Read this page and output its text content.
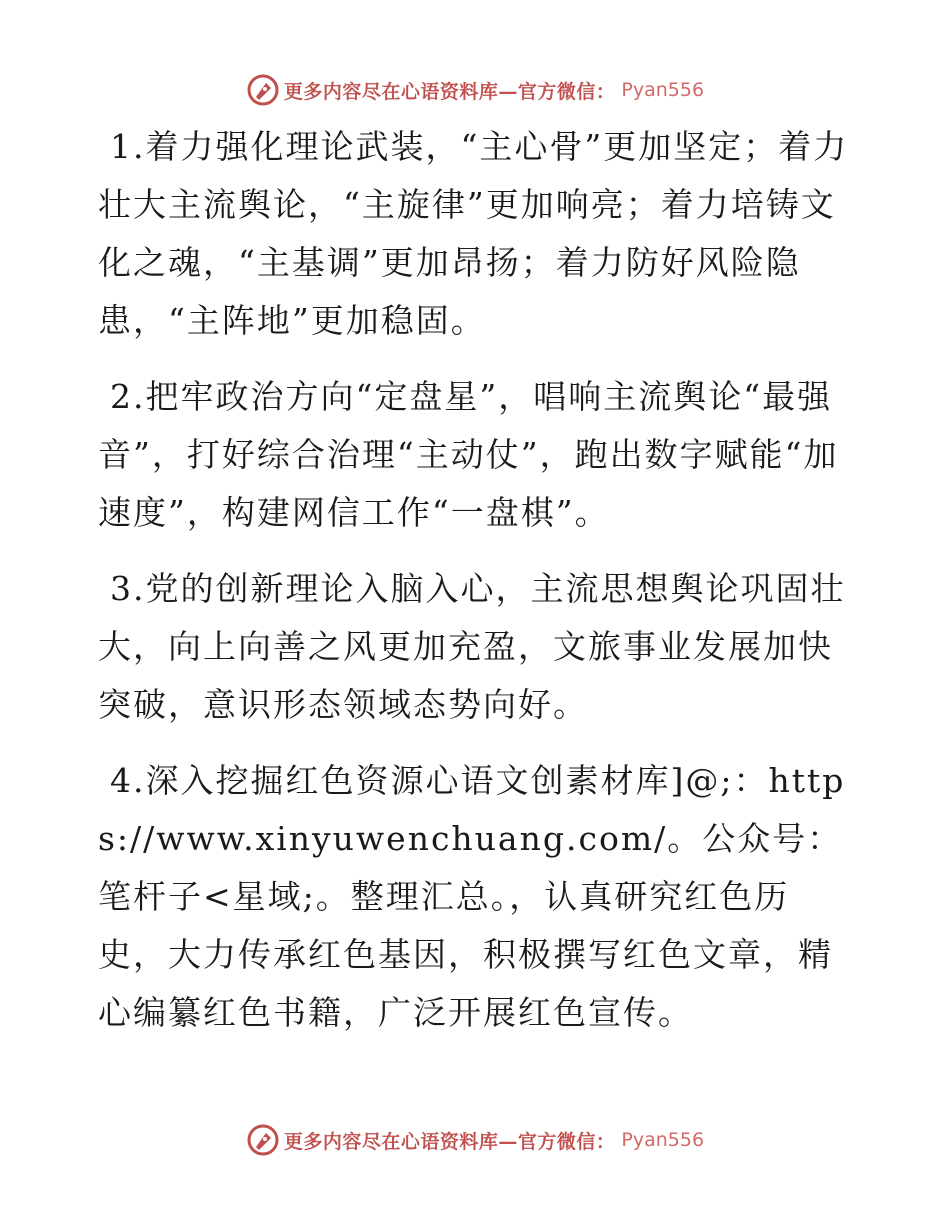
更多内容尽在心语资料库—官方微信： Pyan556

1.着力强化理论武装，“主心骨”更加坚定；着力壮大主流舆论，“主旋律”更加响亮；着力培铸文化之魂，“主基调”更加昂扬；着力防好风险隐患，“主阵地”更加稳固。

2.把牢政治方向“定盘星”，唱响主流舆论“最强音”，打好综合治理“主动仗”，跑出数字赋能“加速度”，构建网信工作“一盘棋”。

3.党的创新理论入脑入心，主流思想舆论巩固壮大，向上向善之风更加充盈，文旅事业发展加快突破，意识形态领域态势向好。

4.深入挖掘红色资源心语文创素材库]@;：https://www.xinyuwenchuang.com/。公众号：笔杆子<星域;。整理汇总。，认真研究红色历史，大力传承红色基因，积极撰写红色文章，精心编纂红色书籍，广泛开展红色宣传。

更多内容尽在心语资料库—官方微信： Pyan556
